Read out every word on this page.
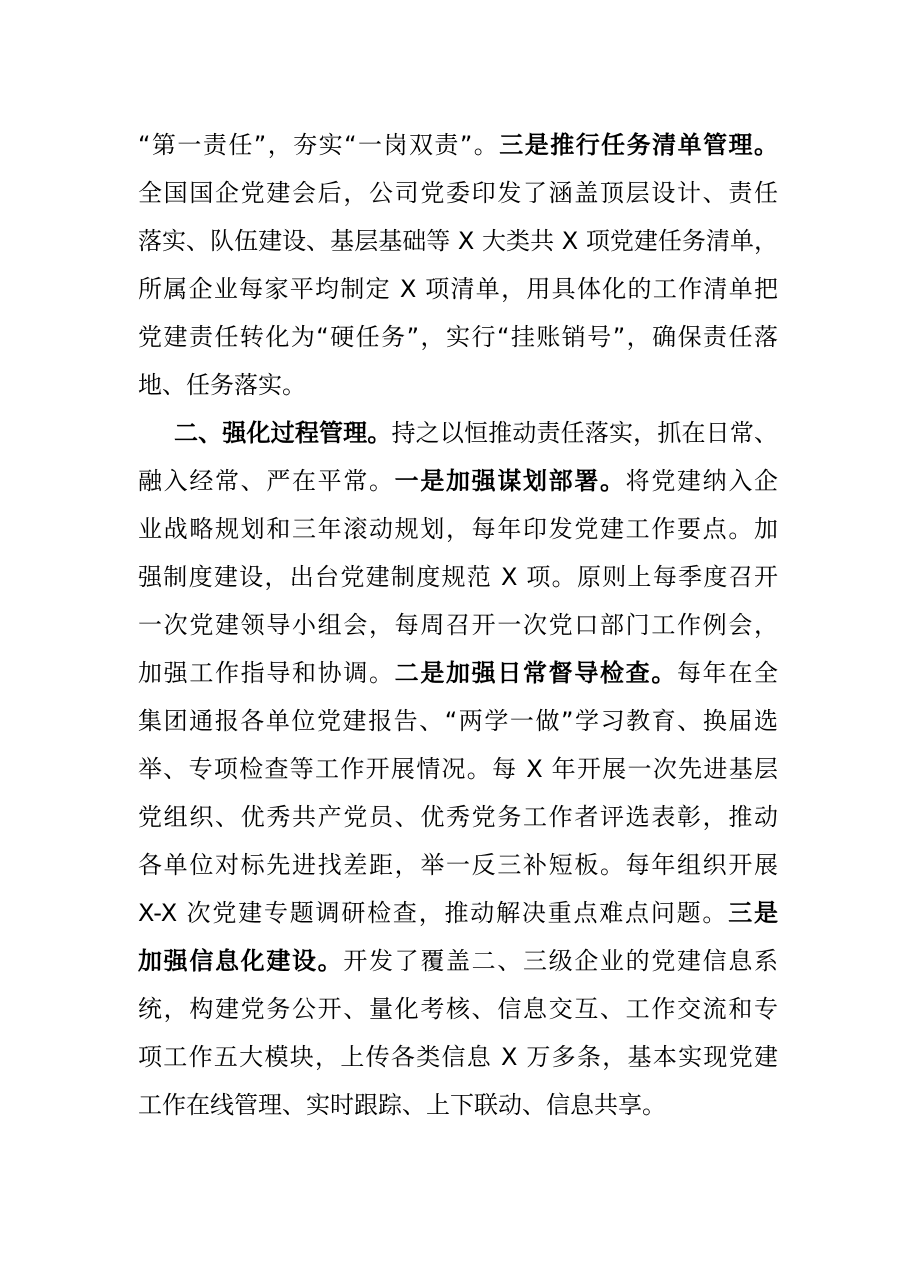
“第一责任”，夯实“一岗双责”。三是推行任务清单管理。
全国国企党建会后，公司党委印发了涵盖顶层设计、责任
落实、队伍建设、基层基础等 X 大类共 X 项党建任务清单，
所属企业每家平均制定 X 项清单，用具体化的工作清单把
党建责任转化为“硬任务”，实行“挂账销号”，确保责任落
地、任务落实。
二、强化过程管理。持之以恒推动责任落实，抓在日常、
融入经常、严在平常。一是加强谋划部署。将党建纳入企
业战略规划和三年滚动规划，每年印发党建工作要点。加
强制度建设，出台党建制度规范 X 项。原则上每季度召开
一次党建领导小组会，每周召开一次党口部门工作例会，
加强工作指导和协调。二是加强日常督导检查。每年在全
集团通报各单位党建报告、“两学一做”学习教育、换届选
举、专项检查等工作开展情况。每 X 年开展一次先进基层
党组织、优秀共产党员、优秀党务工作者评选表彰，推动
各单位对标先进找差距，举一反三补短板。每年组织开展
X-X 次党建专题调研检查，推动解决重点难点问题。三是
加强信息化建设。开发了覆盖二、三级企业的党建信息系
统，构建党务公开、量化考核、信息交互、工作交流和专
项工作五大模块，上传各类信息 X 万多条，基本实现党建
工作在线管理、实时跟踪、上下联动、信息共享。
